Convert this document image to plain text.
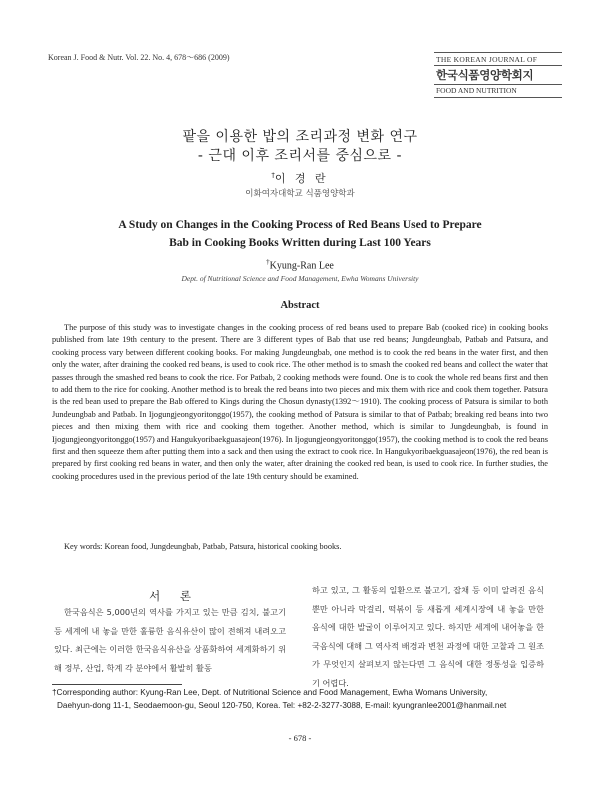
Korean J. Food & Nutr. Vol. 22. No. 4, 678～686 (2009)	THE KOREAN JOURNAL OF
한국식품영양학회지
FOOD AND NUTRITION
팥을 이용한 밥의 조리과정 변화 연구
- 근대 이후 조리서를 중심으로 -
†이 경 란
이화여자대학교 식품영양학과
A Study on Changes in the Cooking Process of Red Beans Used to Prepare
Bab in Cooking Books Written during Last 100 Years
†Kyung-Ran Lee
Dept. of Nutritional Science and Food Management, Ewha Womans University
Abstract

The purpose of this study was to investigate changes in the cooking process of red beans used to prepare Bab (cooked rice) in cooking books published from late 19th century to the present. There are 3 different types of Bab that use red beans; Jungdeungbab, Patbab and Patsura, and cooking process vary between different cooking books. For making Jungdeungbab, one method is to cook the red beans in the water first, and then only the water, after draining the cooked red beans, is used to cook rice. The other method is to smash the cooked red beans and collect the water that passes through the smashed red beans to cook the rice. For Patbab, 2 cooking methods were found. One is to cook the whole red beans first and then to add them to the rice for cooking. Another method is to break the red beans into two pieces and mix them with rice and cook them together. Patsura is the red bean used to prepare the Bab offered to Kings during the Chosun dynasty(1392～1910). The cooking process of Patsura is similar to both Jundeungbab and Patbab. In Ijogungjeongyoritonggo(1957), the cooking method of Patsura is similar to that of Patbab; breaking red beans into two pieces and then mixing them with rice and cooking them together. Another method, which is similar to Jungdeungbab, is found in Ijogungjeongyoritonggo(1957) and Hangukyoribaekguasajeon(1976). In Ijogungjeongyoritonggo(1957), the cooking method is to cook the red beans first and then squeeze them after putting them into a sack and then using the extract to cook rice. In Hangukyoribaekguasajeon(1976), the red bean is prepared by first cooking red beans in water, and then only the water, after draining the cooked red bean, is used to cook rice. In further studies, the cooking procedures used in the previous period of the late 19th century should be examined.

Key words: Korean food, Jungdeungbab, Patbab, Patsura, historical cooking books.
서 론
한국음식은 5,000년의 역사를 가지고 있는 만큼 김치, 불고기 등 세계에 내 놓을 만한 훌륭한 음식유산이 많이 전해져 내려오고 있다. 최근에는 이러한 한국음식유산을 상품화하여 세계화하기 위해 정부, 산업, 학계 각 분야에서 활발히 활동
하고 있고, 그 활동의 일환으로 불고기, 잡채 등 이미 알려진 음식뿐만 아니라 막걸리, 떡볶이 등 새롭게 세계시장에 내 놓을 만한 음식에 대한 발굴이 이루어지고 있다. 하지만 세계에 내어놓을 한국음식에 대해 그 역사적 배경과 변천 과정에 대한 고찰과 그 원조가 무엇인지 살펴보지 않는다면 그 음식에 대한 정통성을 입증하기 어렵다.
†Corresponding author: Kyung-Ran Lee, Dept. of Nutritional Science and Food Management, Ewha Womans University,
Daehyun-dong 11-1, Seodaemoon-gu, Seoul 120-750, Korea. Tel: +82-2-3277-3088, E-mail: kyungranlee2001@hanmail.net
- 678 -
